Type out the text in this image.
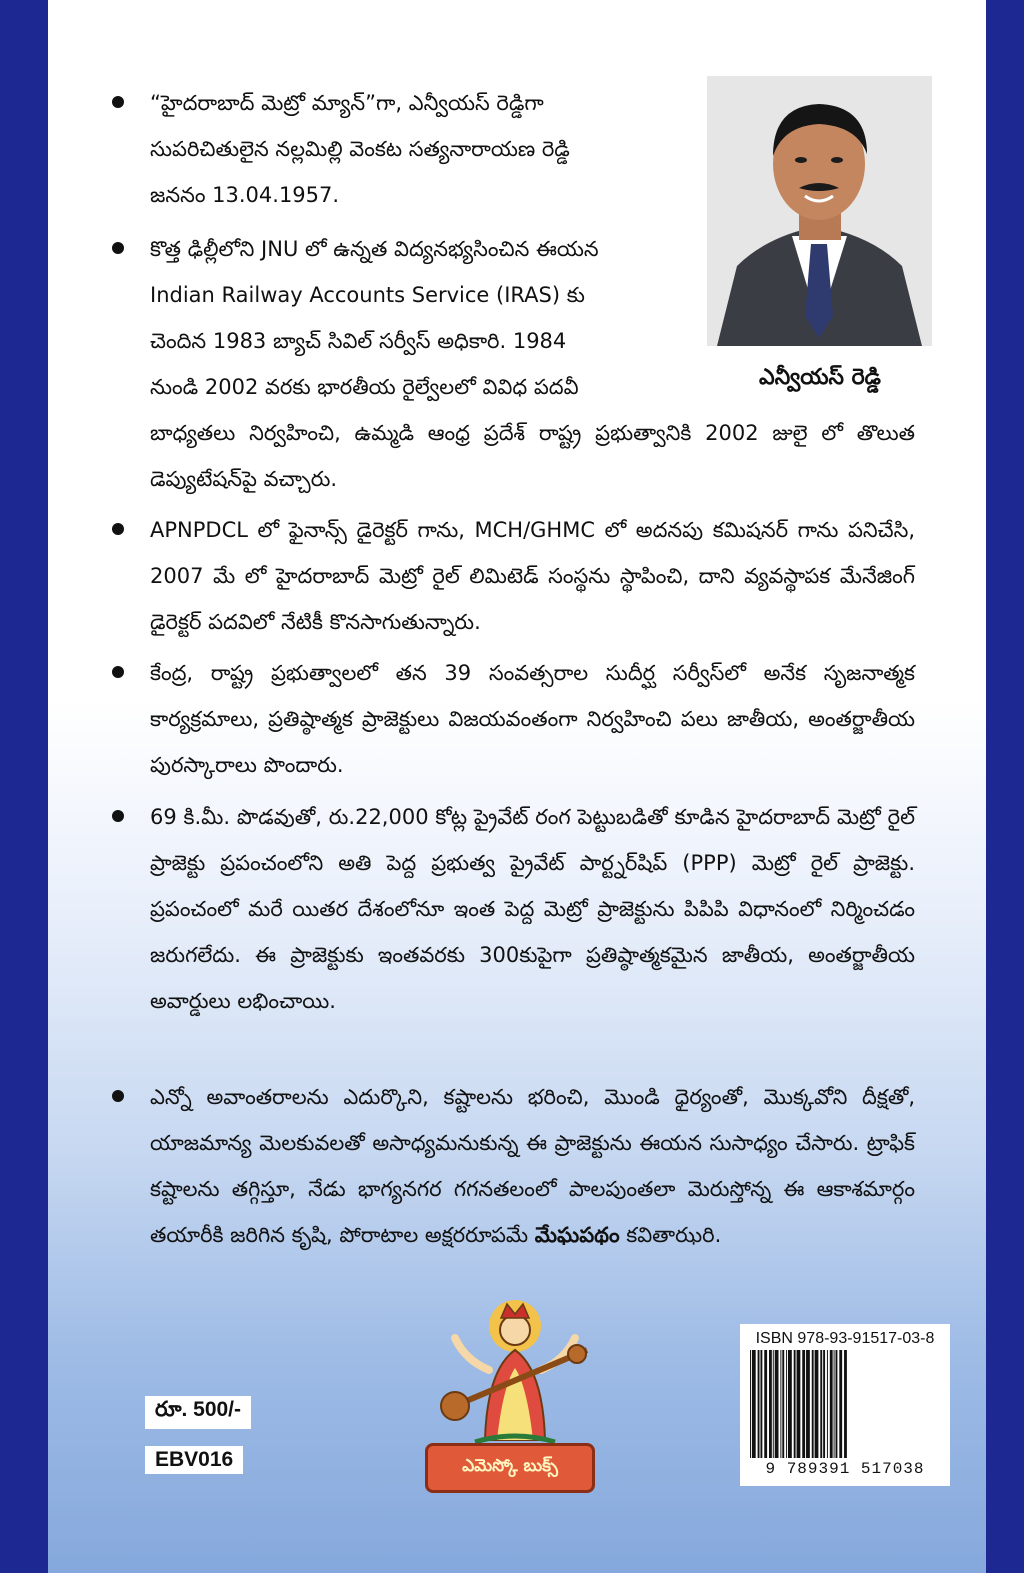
ఎన్వీయస్ రెడ్డి
“హైదరాబాద్ మెట్రో మ్యాన్”గా, ఎన్వీయస్ రెడ్డిగా
సుపరిచితులైన నల్లమిల్లి వెంకట సత్యనారాయణ రెడ్డి
జననం 13.04.1957.
కొత్త ఢిల్లీలోని JNU లో ఉన్నత విద్యనభ్యసించిన ఈయన
Indian Railway Accounts Service (IRAS) కు
చెందిన 1983 బ్యాచ్ సివిల్ సర్వీస్ అధికారి. 1984
నుండి 2002 వరకు భారతీయ రైల్వేలలో వివిధ పదవీ
బాధ్యతలు నిర్వహించి, ఉమ్మడి ఆంధ్ర ప్రదేశ్ రాష్ట్ర ప్రభుత్వానికి 2002 జులై లో తొలుత డెప్యుటేషన్‌పై వచ్చారు.
APNPDCL లో ఫైనాన్స్ డైరెక్టర్ గాను, MCH/GHMC లో అదనపు కమిషనర్ గాను పనిచేసి, 2007 మే లో హైదరాబాద్ మెట్రో రైల్ లిమిటెడ్ సంస్థను స్థాపించి, దాని వ్యవస్థాపక మేనేజింగ్ డైరెక్టర్ పదవిలో నేటికీ కొనసాగుతున్నారు.
కేంద్ర, రాష్ట్ర ప్రభుత్వాలలో తన 39 సంవత్సరాల సుదీర్ఘ సర్వీస్‌లో అనేక సృజనాత్మక కార్యక్రమాలు, ప్రతిష్ఠాత్మక ప్రాజెక్టులు విజయవంతంగా నిర్వహించి పలు జాతీయ, అంతర్జాతీయ పురస్కారాలు పొందారు.
69 కి.మీ. పొడవుతో, రు.22,000 కోట్ల ప్రైవేట్ రంగ పెట్టుబడితో కూడిన హైదరాబాద్ మెట్రో రైల్ ప్రాజెక్టు ప్రపంచంలోని అతి పెద్ద ప్రభుత్వ ప్రైవేట్ పార్ట్నర్‌షిప్ (PPP) మెట్రో రైల్ ప్రాజెక్టు. ప్రపంచంలో మరే యితర దేశంలోనూ ఇంత పెద్ద మెట్రో ప్రాజెక్టును పిపిపి విధానంలో నిర్మించడం జరుగలేదు. ఈ ప్రాజెక్టుకు ఇంతవరకు 300కుపైగా ప్రతిష్ఠాత్మకమైన జాతీయ, అంతర్జాతీయ అవార్డులు లభించాయి.
ఎన్నో అవాంతరాలను ఎదుర్కొని, కష్టాలను భరించి, మొండి ధైర్యంతో, మొక్కవోని దీక్షతో, యాజమాన్య మెలకువలతో అసాధ్యమనుకున్న ఈ ప్రాజెక్టును ఈయన సుసాధ్యం చేసారు. ట్రాఫిక్ కష్టాలను తగ్గిస్తూ, నేడు భాగ్యనగర గగనతలంలో పాలపుంతలా మెరుస్తోన్న ఈ ఆకాశమార్గం తయారీకి జరిగిన కృషి, పోరాటాల అక్షరరూపమే మేఘపథం కవితాఝరి.
ఎమెస్కో బుక్స్
రూ. 500/-
EBV016
ISBN 978-93-91517-03-8
9 789391 517038
